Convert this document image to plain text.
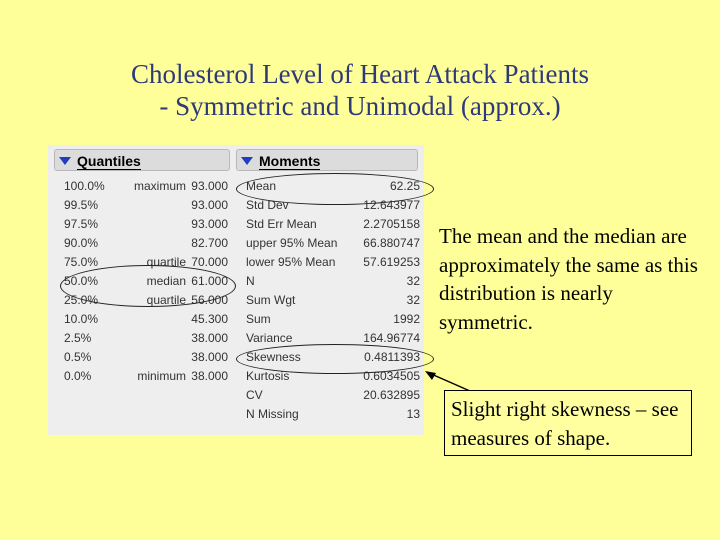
Cholesterol Level of Heart Attack Patients
- Symmetric and Unimodal (approx.)
Quantiles	Moments
100.0%	maximum 93.000
99.5%	93.000
97.5%	93.000
90.0%	82.700
75.0%	quartile 70.000
50.0%	median 61.000
25.0%	quartile 56.000
10.0%	45.300
2.5%	38.000
0.5%	38.000
0.0%	minimum 38.000
Mean	62.25
Std Dev	12.643977
Std Err Mean	2.2705158
upper 95% Mean 66.880747
lower 95% Mean 57.619253
N	32
Sum Wgt	32
Sum	1992
Variance	164.96774
Skewness	0.4811393
Kurtosis	0.6034505
CV	20.632895
N Missing	13
The mean and the median are approximately the same as this distribution is nearly symmetric.
Slight right skewness – see measures of shape.
